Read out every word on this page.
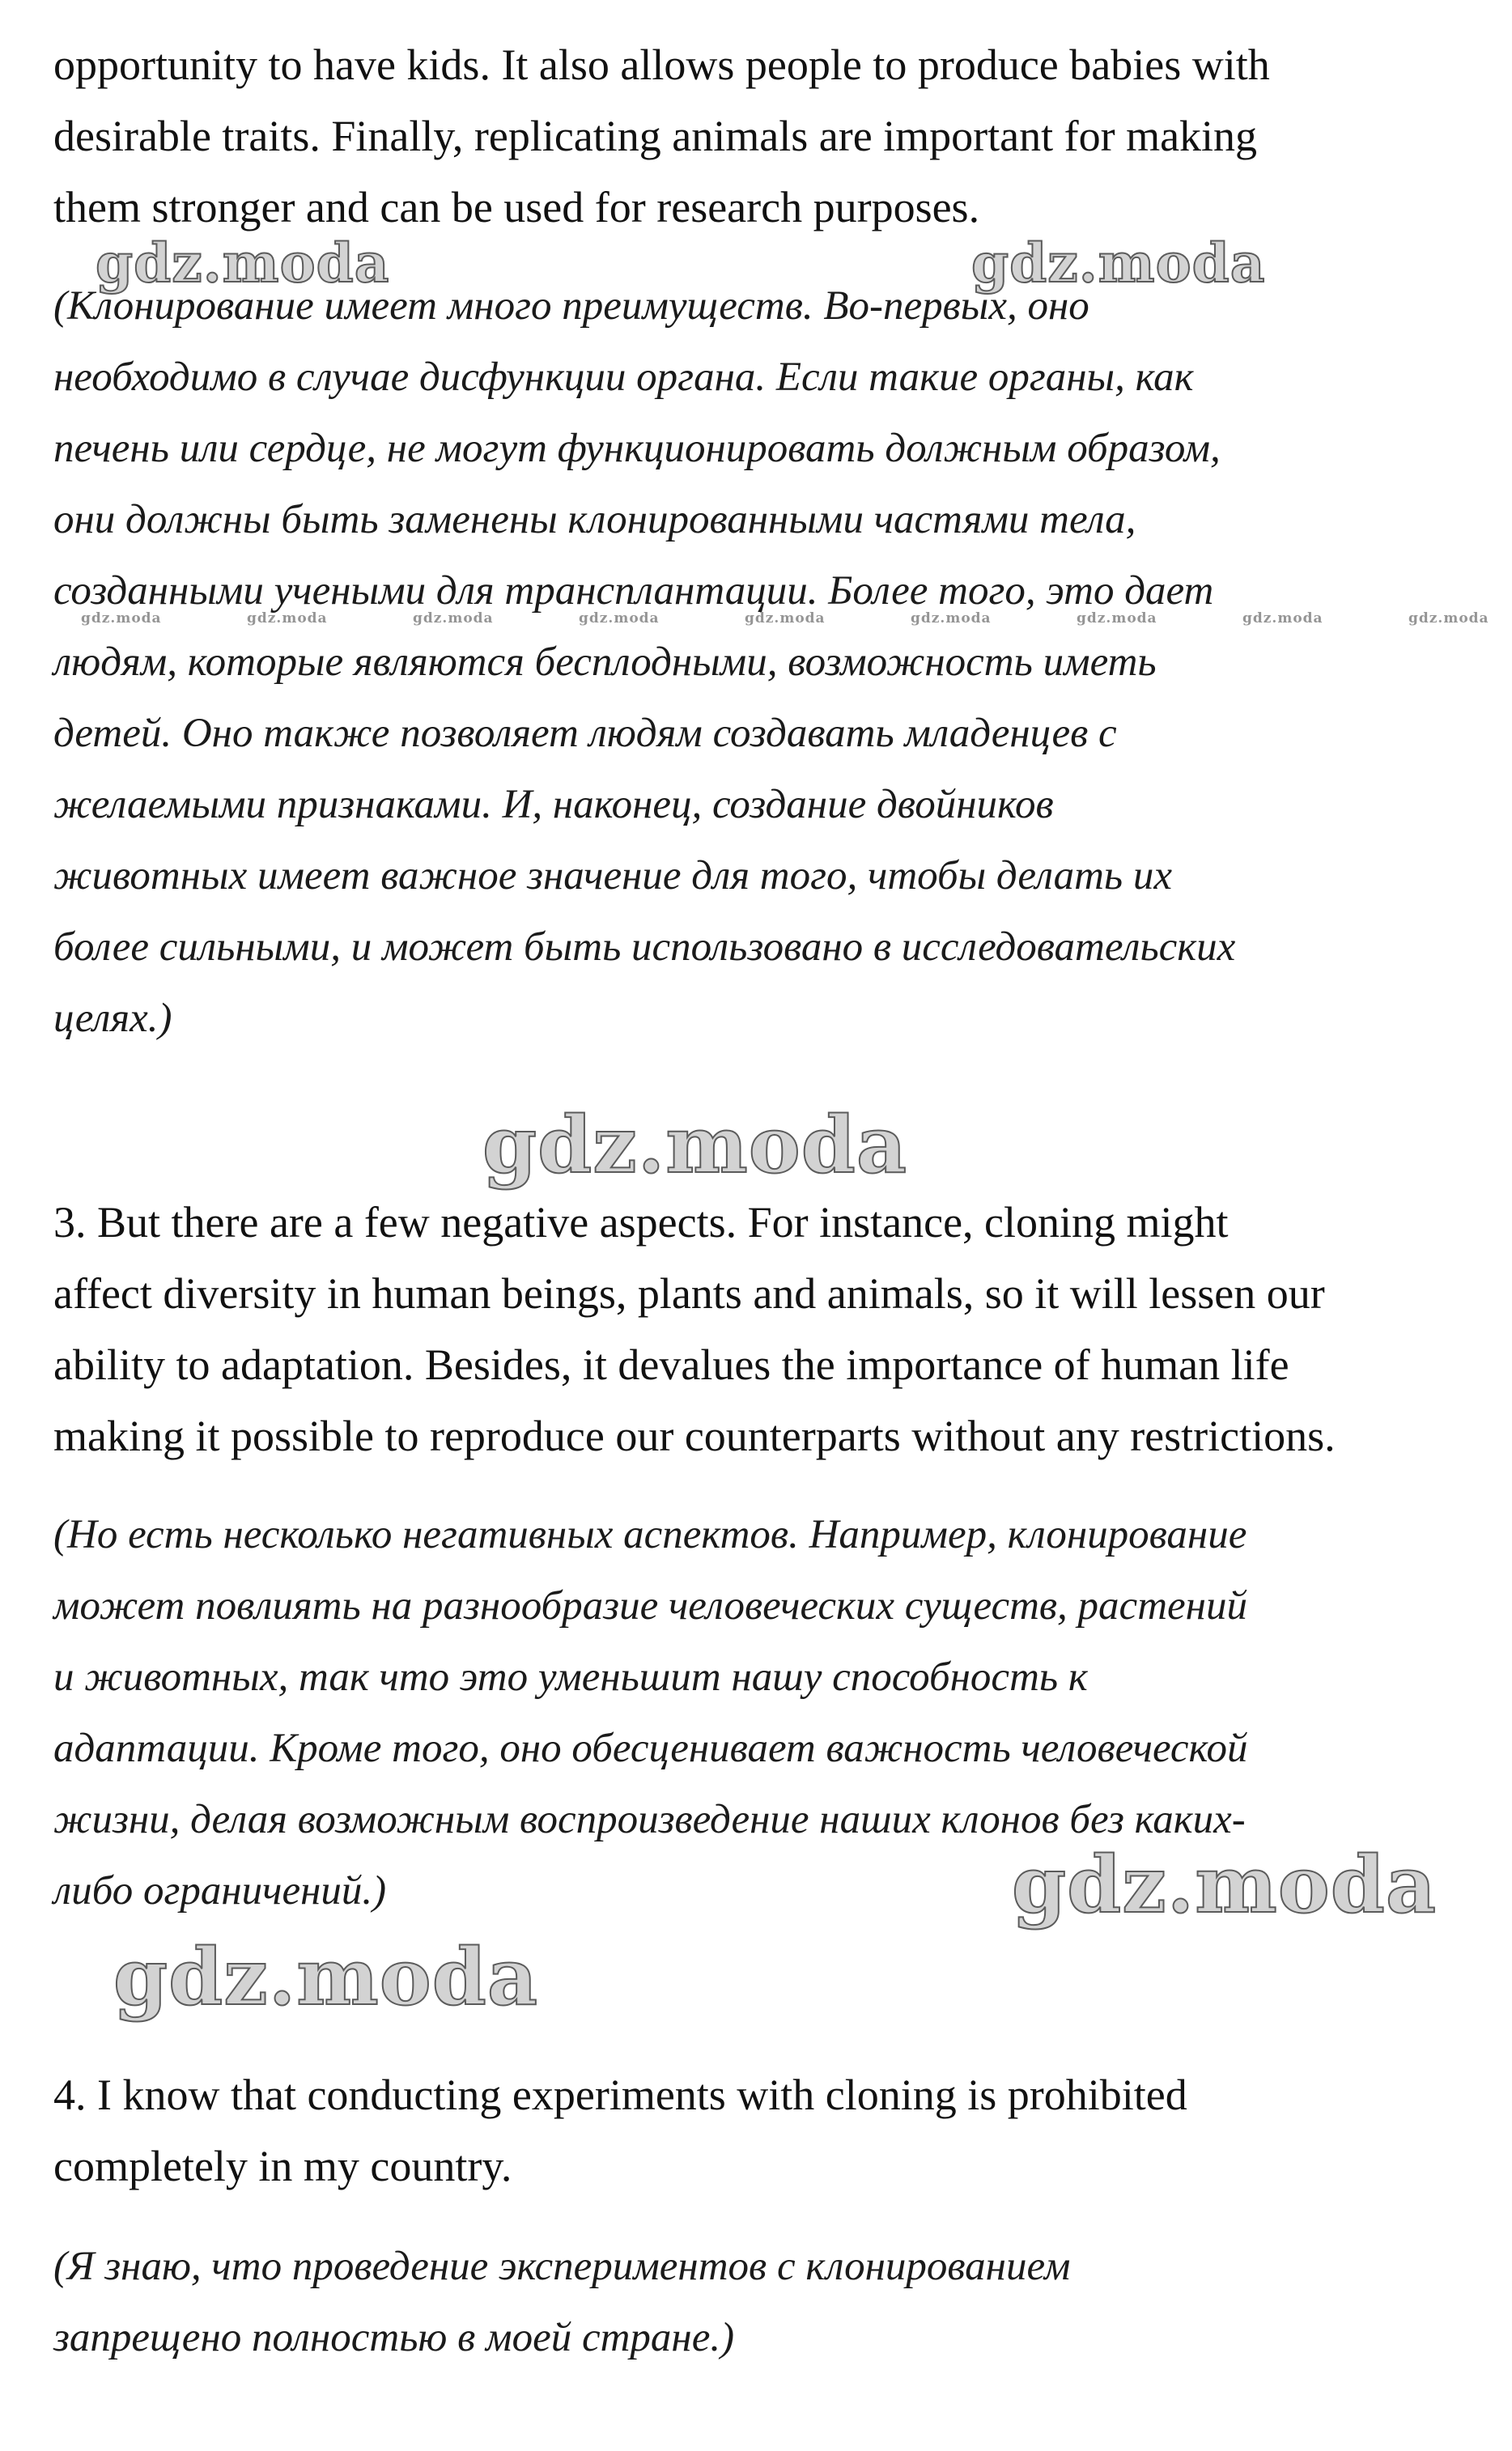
gdz.moda	gdz.moda
gdz.moda
gdz.moda
gdz.moda
gdz.moda	gdz.moda	gdz.moda	gdz.moda	gdz.moda	gdz.moda	gdz.moda	gdz.moda	gdz.moda

opportunity to have kids. It also allows people to produce babies with
desirable traits. Finally, replicating animals are important for making
them stronger and can be used for research purposes.

(Клонирование имеет много преимуществ. Во-первых, оно
необходимо в случае дисфункции органа. Если такие органы, как
печень или сердце, не могут функционировать должным образом,
они должны быть заменены клонированными частями тела,
созданными учеными для трансплантации. Более того, это дает
людям, которые являются бесплодными, возможность иметь
детей. Оно также позволяет людям создавать младенцев с
желаемыми признаками. И, наконец, создание двойников
животных имеет важное значение для того, чтобы делать их
более сильными, и может быть использовано в исследовательских
целях.)

3. But there are a few negative aspects. For instance, cloning might
affect diversity in human beings, plants and animals, so it will lessen our
ability to adaptation. Besides, it devalues the importance of human life
making it possible to reproduce our counterparts without any restrictions.

(Но есть несколько негативных аспектов. Например, клонирование
может повлиять на разнообразие человеческих существ, растений
и животных, так что это уменьшит нашу способность к
адаптации. Кроме того, оно обесценивает важность человеческой
жизни, делая возможным воспроизведение наших клонов без каких-
либо ограничений.)

4. I know that conducting experiments with cloning is prohibited
completely in my country.

(Я знаю, что проведение экспериментов с клонированием
запрещено полностью в моей стране.)
